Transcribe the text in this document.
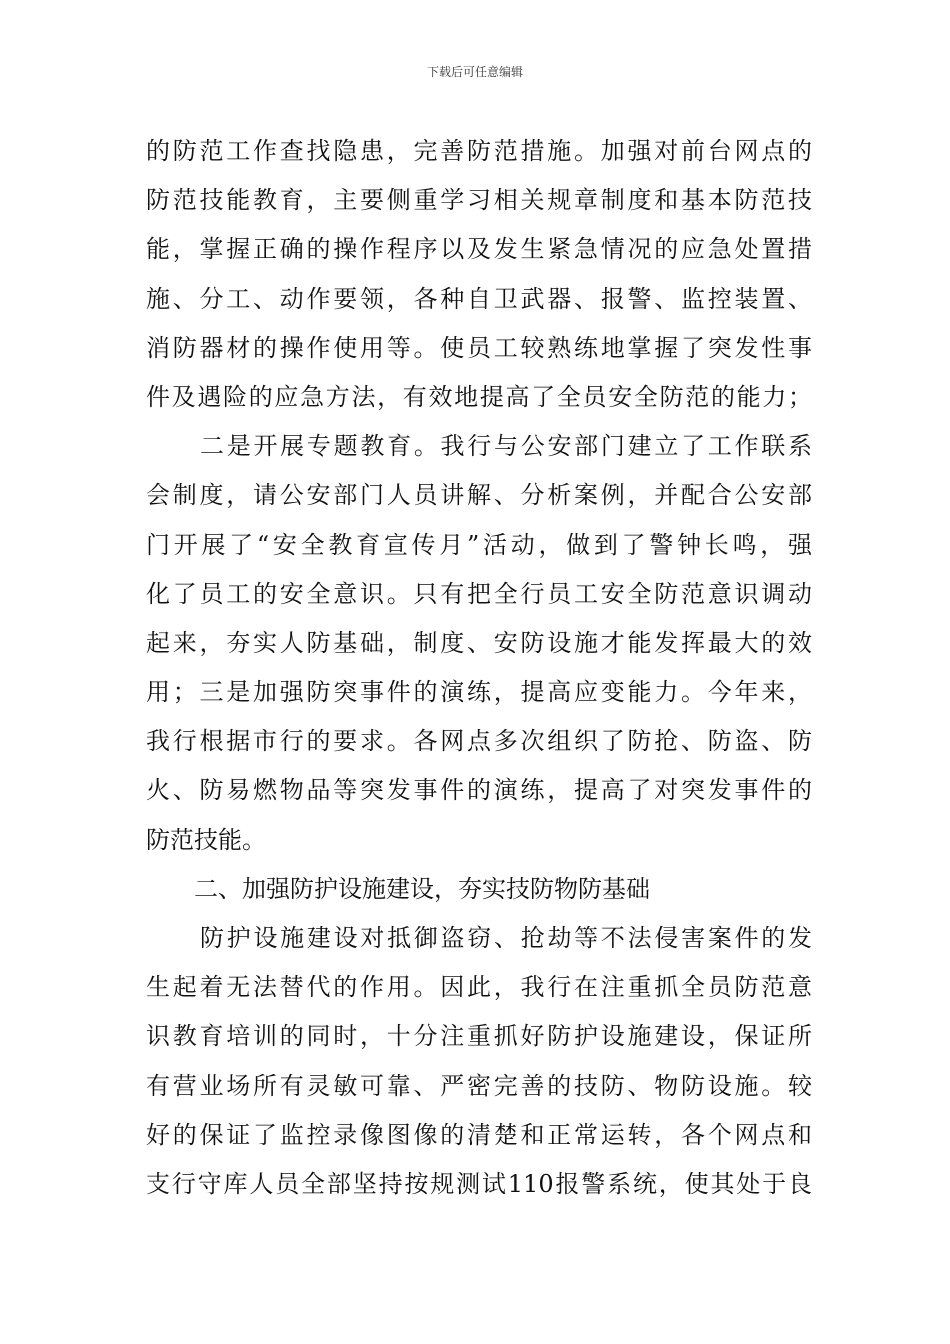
下载后可任意编辑
的防范工作查找隐患，完善防范措施。加强对前台网点的
防范技能教育，主要侧重学习相关规章制度和基本防范技
能，掌握正确的操作程序以及发生紧急情况的应急处置措
施、分工、动作要领，各种自卫武器、报警、监控装置、
消防器材的操作使用等。使员工较熟练地掌握了突发性事
件及遇险的应急方法，有效地提高了全员安全防范的能力；
二是开展专题教育。我行与公安部门建立了工作联系
会制度，请公安部门人员讲解、分析案例，并配合公安部
门开展了“安全教育宣传月”活动，做到了警钟长鸣，强
化了员工的安全意识。只有把全行员工安全防范意识调动
起来，夯实人防基础，制度、安防设施才能发挥最大的效
用；三是加强防突事件的演练，提高应变能力。今年来，
我行根据市行的要求。各网点多次组织了防抢、防盗、防
火、防易燃物品等突发事件的演练，提高了对突发事件的
防范技能。
二、加强防护设施建设，夯实技防物防基础
防护设施建设对抵御盗窃、抢劫等不法侵害案件的发
生起着无法替代的作用。因此，我行在注重抓全员防范意
识教育培训的同时，十分注重抓好防护设施建设，保证所
有营业场所有灵敏可靠、严密完善的技防、物防设施。较
好的保证了监控录像图像的清楚和正常运转，各个网点和
支行守库人员全部坚持按规测试110报警系统，使其处于良
